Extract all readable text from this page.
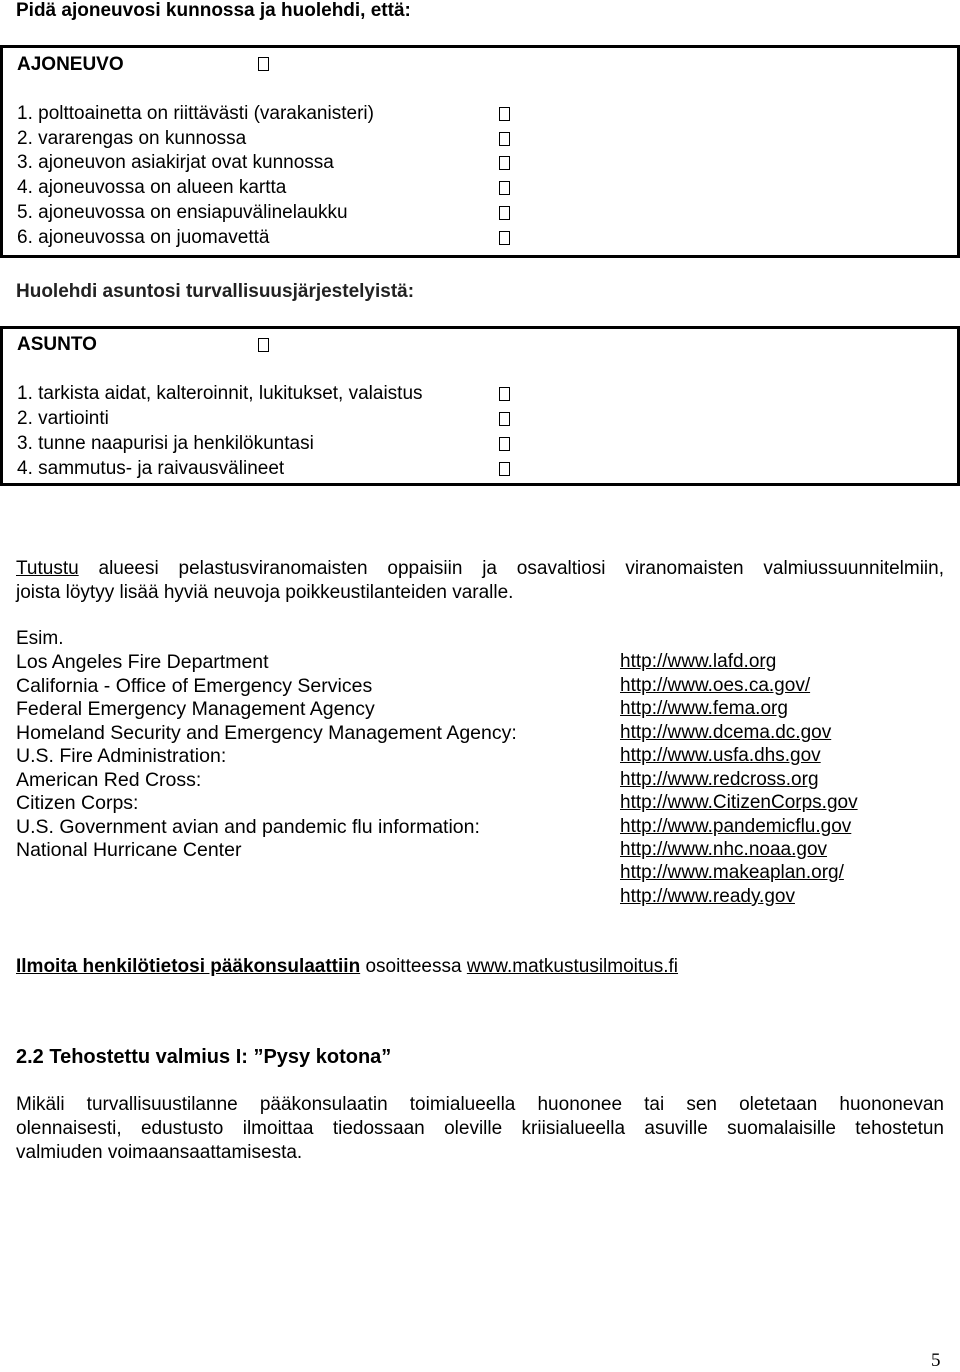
Pidä ajoneuvosi kunnossa ja huolehdi, että:
AJONEUVO
1. polttoainetta on riittävästi (varakanisteri)
2. vararengas on kunnossa
3. ajoneuvon asiakirjat ovat kunnossa
4. ajoneuvossa on alueen kartta
5. ajoneuvossa on ensiapuvälinelaukku
6. ajoneuvossa on juomavettä
Huolehdi asuntosi turvallisuusjärjestelyistä:
ASUNTO
1. tarkista aidat, kalteroinnit, lukitukset, valaistus
2. vartiointi
3. tunne naapurisi ja henkilökuntasi
4. sammutus- ja raivausvälineet
Tutustu alueesi pelastusviranomaisten oppaisiin ja osavaltiosi viranomaisten valmiussuunnitelmiin,
joista löytyy lisää hyviä neuvoja poikkeustilanteiden varalle.
Esim.
Los Angeles Fire Department
California - Office of Emergency Services
Federal Emergency Management Agency
Homeland Security and Emergency Management Agency:
U.S. Fire Administration:
American Red Cross:
Citizen Corps:
U.S. Government avian and pandemic flu information:
National Hurricane Center
http://www.lafd.org
http://www.oes.ca.gov/
http://www.fema.org
http://www.dcema.dc.gov
http://www.usfa.dhs.gov
http://www.redcross.org
http://www.CitizenCorps.gov
http://www.pandemicflu.gov
http://www.nhc.noaa.gov
http://www.makeaplan.org/
http://www.ready.gov
Ilmoita henkilötietosi pääkonsulaattiin osoitteessa www.matkustusilmoitus.fi
2.2 Tehostettu valmius I: ”Pysy kotona”
Mikäli turvallisuustilanne pääkonsulaatin toimialueella huononee tai sen oletetaan huononevan
olennaisesti, edustusto ilmoittaa tiedossaan oleville kriisialueella asuville suomalaisille tehostetun
valmiuden voimaansaattamisesta.
5
